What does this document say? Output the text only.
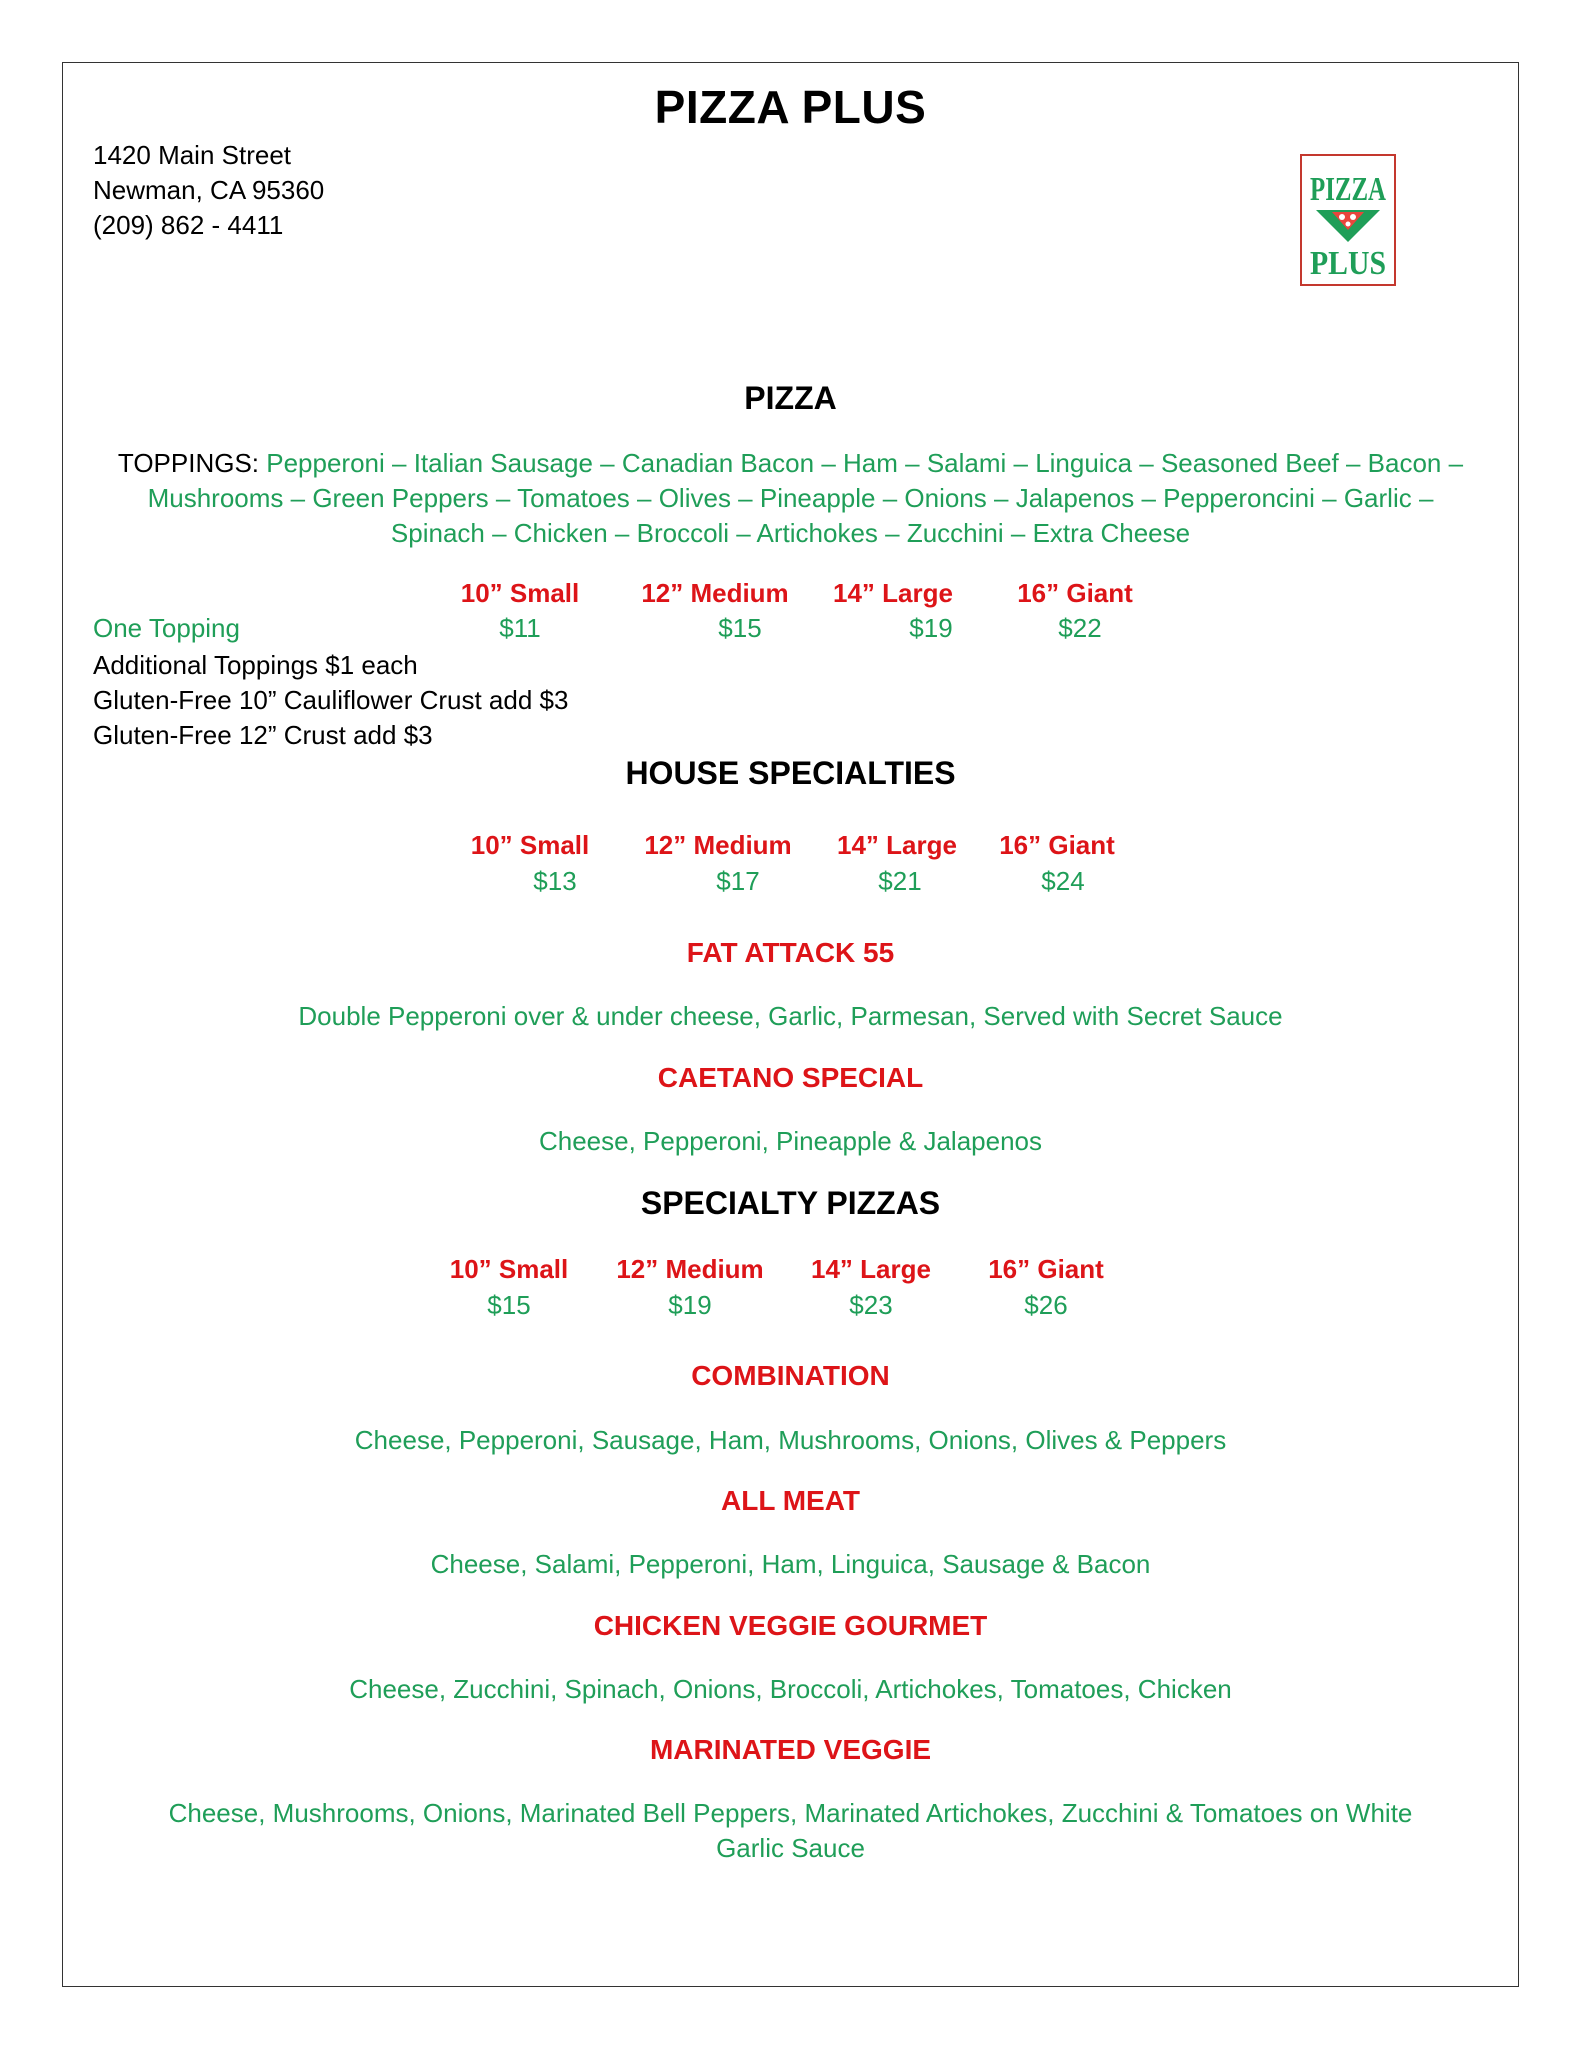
PIZZA PLUS
1420 Main Street
Newman, CA 95360
(209) 862 - 4411
PIZZA
PLUS
PIZZA
TOPPINGS: Pepperoni – Italian Sausage – Canadian Bacon – Ham – Salami – Linguica – Seasoned Beef – Bacon – Mushrooms – Green Peppers – Tomatoes – Olives – Pineapple – Onions – Jalapenos – Pepperoncini – Garlic – Spinach – Chicken – Broccoli – Artichokes – Zucchini – Extra Cheese
10” Small 12” Medium 14” Large 16” Giant
One Topping	$11	$15	$19	$22
Additional Toppings $1 each
Gluten-Free 10” Cauliflower Crust add $3
Gluten-Free 12” Crust add $3
HOUSE SPECIALTIES
10” Small 12” Medium 14” Large 16” Giant
$13	$17	$21	$24
FAT ATTACK 55
Double Pepperoni over & under cheese, Garlic, Parmesan, Served with Secret Sauce
CAETANO SPECIAL
Cheese, Pepperoni, Pineapple & Jalapenos
SPECIALTY PIZZAS
10” Small 12” Medium 14” Large 16” Giant
$15	$19	$23	$26
COMBINATION
Cheese, Pepperoni, Sausage, Ham, Mushrooms, Onions, Olives & Peppers
ALL MEAT
Cheese, Salami, Pepperoni, Ham, Linguica, Sausage & Bacon
CHICKEN VEGGIE GOURMET
Cheese, Zucchini, Spinach, Onions, Broccoli, Artichokes, Tomatoes, Chicken
MARINATED VEGGIE
Cheese, Mushrooms, Onions, Marinated Bell Peppers, Marinated Artichokes, Zucchini & Tomatoes on White Garlic Sauce
